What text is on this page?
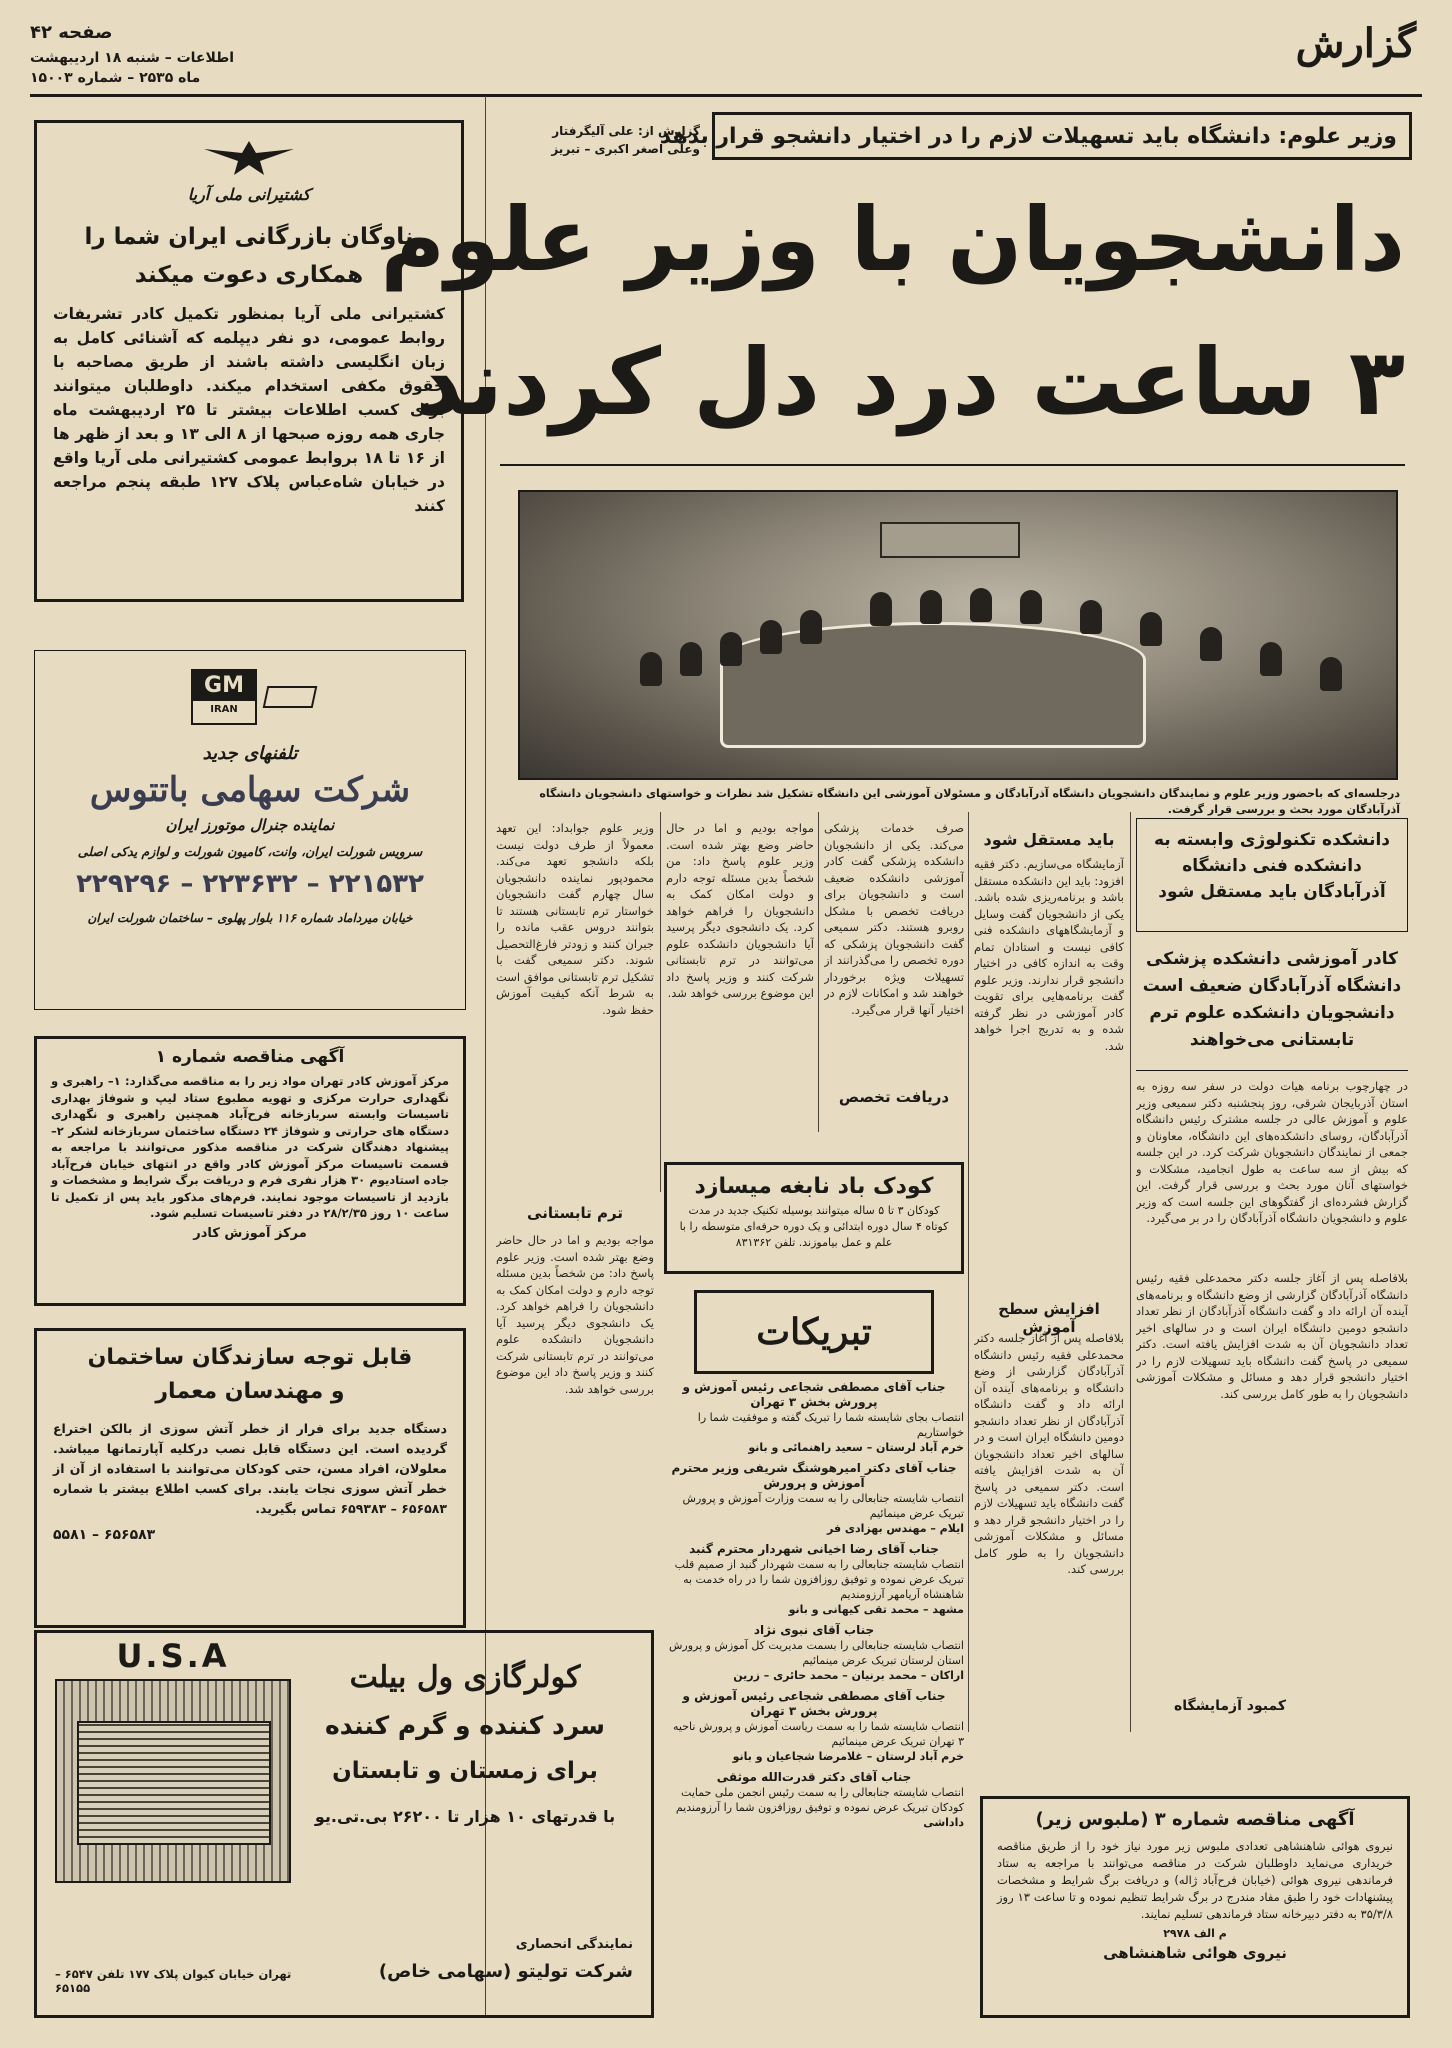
گزارش
صفحه ۴۲
اطلاعات – شنبه ۱۸ اردیبهشت
ماه ۲۵۳۵ – شماره ۱۵۰۰۳
وزیر علوم: دانشگاه باید تسهیلات لازم را در اختیار دانشجو قرار بدهد
گزارش از: علی آلیگرفتار
وعلی اصغر اکبری – تبریز
دانشجویان با وزیر علوم
۳ ساعت درد دل کردند
درجلسه‌ای که باحضور وزیر علوم و نمایندگان دانشجویان دانشگاه آذرآبادگان و مسئولان آموزشی این دانشگاه تشکیل شد نظرات و خواستهای دانشجویان دانشگاه آذرآبادگان مورد بحث و بررسی قرار گرفت.
دانشکده تکنولوژی وابسته به دانشکده فنی دانشگاه آذرآبادگان باید مستقل شود
کادر آموزشی دانشکده پزشکی دانشگاه آذرآبادگان ضعیف است دانشجویان دانشکده علوم ترم تابستانی می‌خواهند
در چهارچوب برنامه هیات دولت در سفر سه روزه به استان آذربایجان شرقی، روز پنجشنبه دکتر سمیعی وزیر علوم و آموزش عالی در جلسه مشترک رئیس دانشگاه آذرآبادگان، روسای دانشکده‌های این دانشگاه، معاونان و جمعی از نمایندگان دانشجویان شرکت کرد. در این جلسه که بیش از سه ساعت به طول انجامید، مشکلات و خواستهای آنان مورد بحث و بررسی قرار گرفت. این گزارش فشرده‌ای از گفتگوهای این جلسه است که وزیر علوم و دانشجویان دانشگاه آذرآبادگان را در بر می‌گیرد.
بلافاصله پس از آغاز جلسه دکتر محمدعلی فقیه رئیس دانشگاه آذرآبادگان گزارشی از وضع دانشگاه و برنامه‌های آینده آن ارائه داد و گفت دانشگاه آذرآبادگان از نظر تعداد دانشجو دومین دانشگاه ایران است و در سالهای اخیر تعداد دانشجویان آن به شدت افزایش یافته است. دکتر سمیعی در پاسخ گفت دانشگاه باید تسهیلات لازم را در اختیار دانشجو قرار دهد و مسائل و مشکلات آموزشی دانشجویان را به طور کامل بررسی کند.
کمبود آزمایشگاه
باید مستقل شود
آزمایشگاه می‌سازیم. دکتر فقیه افزود: باید این دانشکده مستقل باشد و برنامه‌ریزی شده باشد. یکی از دانشجویان گفت وسایل و آزمایشگاههای دانشکده فنی کافی نیست و استادان تمام وقت به اندازه کافی در اختیار دانشجو قرار ندارند. وزیر علوم گفت برنامه‌هایی برای تقویت کادر آموزشی در نظر گرفته شده و به تدریج اجرا خواهد شد.
افزایش سطح آموزش
بلافاصله پس از آغاز جلسه دکتر محمدعلی فقیه رئیس دانشگاه آذرآبادگان گزارشی از وضع دانشگاه و برنامه‌های آینده آن ارائه داد و گفت دانشگاه آذرآبادگان از نظر تعداد دانشجو دومین دانشگاه ایران است و در سالهای اخیر تعداد دانشجویان آن به شدت افزایش یافته است. دکتر سمیعی در پاسخ گفت دانشگاه باید تسهیلات لازم را در اختیار دانشجو قرار دهد و مسائل و مشکلات آموزشی دانشجویان را به طور کامل بررسی کند.
صرف خدمات پزشکی می‌کند. یکی از دانشجویان دانشکده پزشکی گفت کادر آموزشی دانشکده ضعیف است و دانشجویان برای دریافت تخصص با مشکل روبرو هستند. دکتر سمیعی گفت دانشجویان پزشکی که دوره تخصص را می‌گذرانند از تسهیلات ویژه برخوردار خواهند شد و امکانات لازم در اختیار آنها قرار می‌گیرد.
دریافت تخصص
مواجه بودیم و اما در حال حاضر وضع بهتر شده است. وزیر علوم پاسخ داد: من شخصاً بدین مسئله توجه دارم و دولت امکان کمک به دانشجویان را فراهم خواهد کرد. یک دانشجوی دیگر پرسید آیا دانشجویان دانشکده علوم می‌توانند در ترم تابستانی شرکت کنند و وزیر پاسخ داد این موضوع بررسی خواهد شد.
وزیر علوم جوابداد: این تعهد معمولاً از طرف دولت نیست بلکه دانشجو تعهد می‌کند. محمودپور نماینده دانشجویان سال چهارم گفت دانشجویان خواستار ترم تابستانی هستند تا بتوانند دروس عقب مانده را جبران کنند و زودتر فارغ‌التحصیل شوند. دکتر سمیعی گفت با تشکیل ترم تابستانی موافق است به شرط آنکه کیفیت آموزش حفظ شود.
ترم تابستانی
مواجه بودیم و اما در حال حاضر وضع بهتر شده است. وزیر علوم پاسخ داد: من شخصاً بدین مسئله توجه دارم و دولت امکان کمک به دانشجویان را فراهم خواهد کرد. یک دانشجوی دیگر پرسید آیا دانشجویان دانشکده علوم می‌توانند در ترم تابستانی شرکت کنند و وزیر پاسخ داد این موضوع بررسی خواهد شد.
کودک باد نابغه میسازد
کودکان ۳ تا ۵ ساله میتوانند بوسیله تکنیک جدید در مدت کوتاه ۴ سال دوره ابتدائی و یک دوره حرفه‌ای متوسطه را با علم و عمل بیاموزند. تلفن ۸۳۱۳۶۲
تبریکات
جناب آقای مصطفی شجاعی رئیس آموزش و پرورش بخش ۳ تهران
انتصاب بجای شایسته شما را تبریک گفته و موفقیت شما را خواستاریم
خرم آباد لرستان – سعید راهنمائی و بانو
جناب آقای دکتر امیرهوشنگ شریفی وزیر محترم آموزش و پرورش
انتصاب شایسته جنابعالی را به سمت وزارت آموزش و پرورش تبریک عرض مینمائیم
ایلام – مهندس بهزادی فر
جناب آقای رضا اخیانی شهردار محترم گنبد
انتصاب شایسته جنابعالی را به سمت شهردار گنبد از صمیم قلب تبریک عرض نموده و توفیق روزافزون شما را در راه خدمت به شاهنشاه آریامهر آرزومندیم
مشهد – محمد تقی کیهانی و بانو
جناب آقای نبوی نژاد
انتصاب شایسته جنابعالی را بسمت مدیریت کل آموزش و پرورش استان لرستان تبریک عرض مینمائیم
اراکان – محمد برنیان – محمد حائری – زرین
جناب آقای مصطفی شجاعی رئیس آموزش و پرورش بخش ۳ تهران
انتصاب شایسته شما را به سمت ریاست آموزش و پرورش ناحیه ۳ تهران تبریک عرض مینمائیم
خرم آباد لرستان – غلامرضا شجاعیان و بانو
جناب آقای دکتر قدرت‌الله موثقی
انتصاب شایسته جنابعالی را به سمت رئیس انجمن ملی حمایت کودکان تبریک عرض نموده و توفیق روزافزون شما را آرزومندیم
داداشی	آگهی مناقصه شماره ۳ (ملبوس زیر)
نیروی هوائی شاهنشاهی تعدادی ملبوس زیر مورد نیاز خود را از طریق مناقصه خریداری می‌نماید داوطلبان شرکت در مناقصه می‌توانند با مراجعه به ستاد فرماندهی نیروی هوائی (خیابان فرح‌آباد ژاله) و دریافت برگ شرایط و مشخصات پیشنهادات خود را طبق مفاد مندرج در برگ شرایط تنظیم نموده و تا ساعت ۱۳ روز ۳۵/۳/۸ به دفتر دبیرخانه ستاد فرماندهی تسلیم نمایند.
م الف ۲۹۷۸
نیروی هوائی شاهنشاهی
کشتیرانی ملی آریا
ناوگان بازرگانی ایران شما را
همکاری دعوت میکند
کشتیرانی ملی آریا بمنظور تکمیل کادر تشریفات روابط عمومی، دو نفر دیپلمه که آشنائی کامل به زبان انگلیسی داشته باشند از طریق مصاحبه با حقوق مکفی استخدام میکند. داوطلبان میتوانند برای کسب اطلاعات بیشتر تا ۲۵ اردیبهشت ماه جاری همه روزه صبحها از ۸ الی ۱۳ و بعد از ظهر ها از ۱۶ تا ۱۸ بروابط عمومی کشتیرانی ملی آریا واقع در خیابان شاه‌عباس پلاک ۱۲۷ طبقه پنجم مراجعه کنند
GM
IRAN
تلفنهای جدید
شرکت سهامی باتتوس
نماینده جنرال موتورز ایران
سرویس شورلت ایران، وانت، کامیون شورلت و لوازم یدکی اصلی
۲۲۱۵۳۲ – ۲۲۳۶۳۲ – ۲۲۹۲۹۶
خیابان میرداماد شماره ۱۱۶ بلوار پهلوی – ساختمان شورلت ایران
آگهی مناقصه شماره ۱
مرکز آموزش کادر تهران مواد زیر را به مناقصه می‌گذارد: ۱– راهبری و نگهداری حرارت مرکزی و تهویه مطبوع ستاد لیپ و شوفاژ بهداری تاسیسات وابسته سربازخانه فرح‌آباد همچنین راهبری و نگهداری دستگاه های حرارتی و شوفاژ ۲۴ دستگاه ساختمان سربازخانه لشکر ۲– پیشنهاد دهندگان شرکت در مناقصه مذکور می‌توانند با مراجعه به قسمت تاسیسات مرکز آموزش کادر واقع در انتهای خیابان فرح‌آباد جاده استادیوم ۳۰ هزار نفری فرم و دریافت برگ شرایط و مشخصات و بازدید از تاسیسات موجود نمایند. فرم‌های مذکور باید پس از تکمیل تا ساعت ۱۰ روز ۲۸/۲/۳۵ در دفتر تاسیسات تسلیم شود.
مرکز آموزش کادر
قابل توجه سازندگان ساختمان
و مهندسان معمار
دستگاه جدید برای فرار از خطر آتش سوزی از بالکن اختراع گردیده است. این دستگاه قابل نصب درکلیه آپارتمانها میباشد. معلولان، افراد مسن، حتی کودکان می‌توانند با استفاده از آن از خطر آتش سوزی نجات یابند. برای کسب اطلاع بیشتر با شماره ۶۵۶۵۸۳ – ۶۵۹۳۸۳ تماس بگیرید.
۶۵۶۵۸۳ – ۵۵۸۱
U.S.A
کولرگازی ول بیلت
سرد کننده و گرم کننده
برای زمستان و تابستان
با قدرتهای ۱۰ هزار تا ۲۶۲۰۰ بی.تی.یو
نمایندگی انحصاری
شرکت تولیتو (سهامی خاص)
تهران خیابان کیوان پلاک ۱۷۷ تلفن ۶۵۴۷ – ۶۵۱۵۵
